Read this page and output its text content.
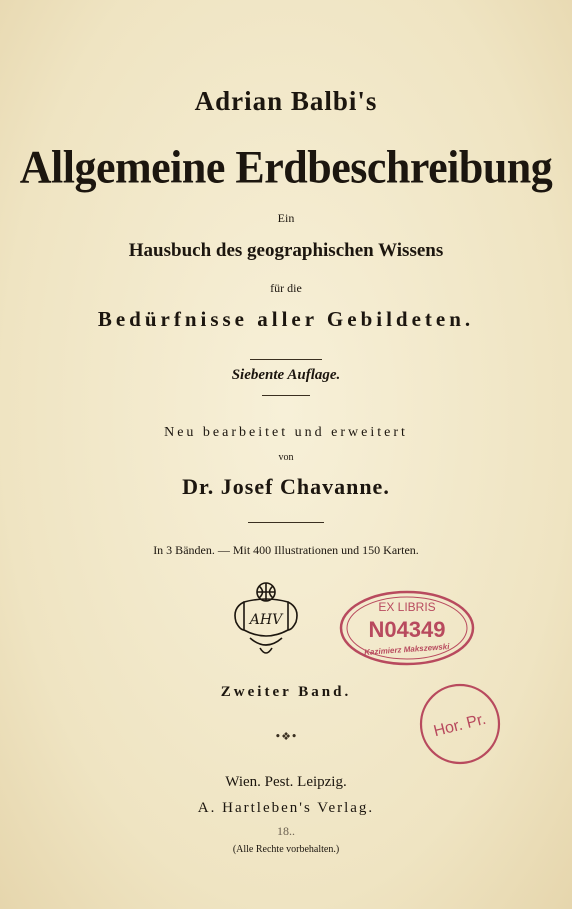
Adrian Balbi's
Allgemeine Erdbeschreibung
Ein
Hausbuch des geographischen Wissens
für die
Bedürfnisse aller Gebildeten.
Siebente Auflage.
Neu bearbeitet und erweitert
von
Dr. Josef Chavanne.
In 3 Bänden. — Mit 400 Illustrationen und 150 Karten.
AHV
EX LIBRIS
N04349
Kazimierz Makszewski
Hor. Pr.
Zweiter Band.
•❖•
Wien. Pest. Leipzig.
A. Hartleben's Verlag.
18..
(Alle Rechte vorbehalten.)
